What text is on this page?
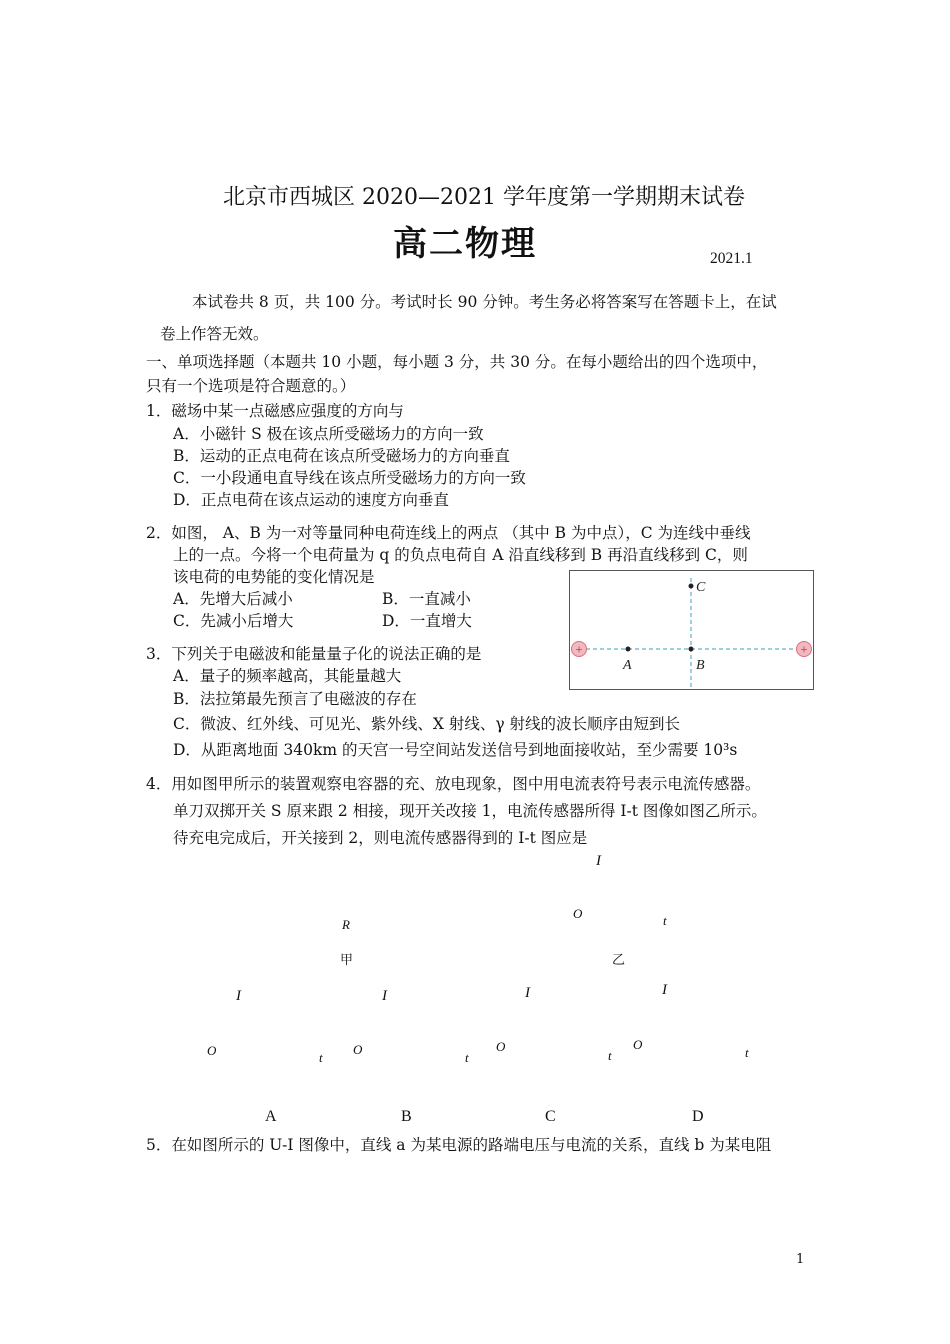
北京市西城区 2020—2021 学年度第一学期期末试卷
高二物理	2021.1
本试卷共 8 页，共 100 分。考试时长 90 分钟。考生务必将答案写在答题卡上，在试
卷上作答无效。
一、单项选择题（本题共 10 小题，每小题 3 分，共 30 分。在每小题给出的四个选项中，
只有一个选项是符合题意的。）
1．磁场中某一点磁感应强度的方向与
A．小磁针 S 极在该点所受磁场力的方向一致
B．运动的正点电荷在该点所受磁场力的方向垂直
C．一小段通电直导线在该点所受磁场力的方向一致
D．正点电荷在该点运动的速度方向垂直
2．如图， A、B 为一对等量同种电荷连线上的两点 （其中 B 为中点），C 为连线中垂线
上的一点。今将一个电荷量为 q 的负点电荷自 A 沿直线移到 B 再沿直线移到 C，则
该电荷的电势能的变化情况是
A．先增大后减小	B．一直减小
C．先减小后增大	D．一直增大
+	+
A	B
C
3．下列关于电磁波和能量量子化的说法正确的是
A．量子的频率越高，其能量越大
B．法拉第最先预言了电磁波的存在
C．微波、红外线、可见光、紫外线、X 射线、γ 射线的波长顺序由短到长
D．从距离地面 340km 的天宫一号空间站发送信号到地面接收站，至少需要 10³s
4．用如图甲所示的装置观察电容器的充、放电现象，图中用电流表符号表示电流传感器。
单刀双掷开关 S 原来跟 2 相接，现开关改接 1，电流传感器所得 I-t 图像如图乙所示。
待充电完成后，开关接到 2，则电流传感器得到的 I-t 图应是
I
O	t
R
甲	乙
I	I	I	I
O	t
O
t
O
t
O
t
A	B	C	D
5．在如图所示的 U-I 图像中，直线 a 为某电源的路端电压与电流的关系，直线 b 为某电阻
1
